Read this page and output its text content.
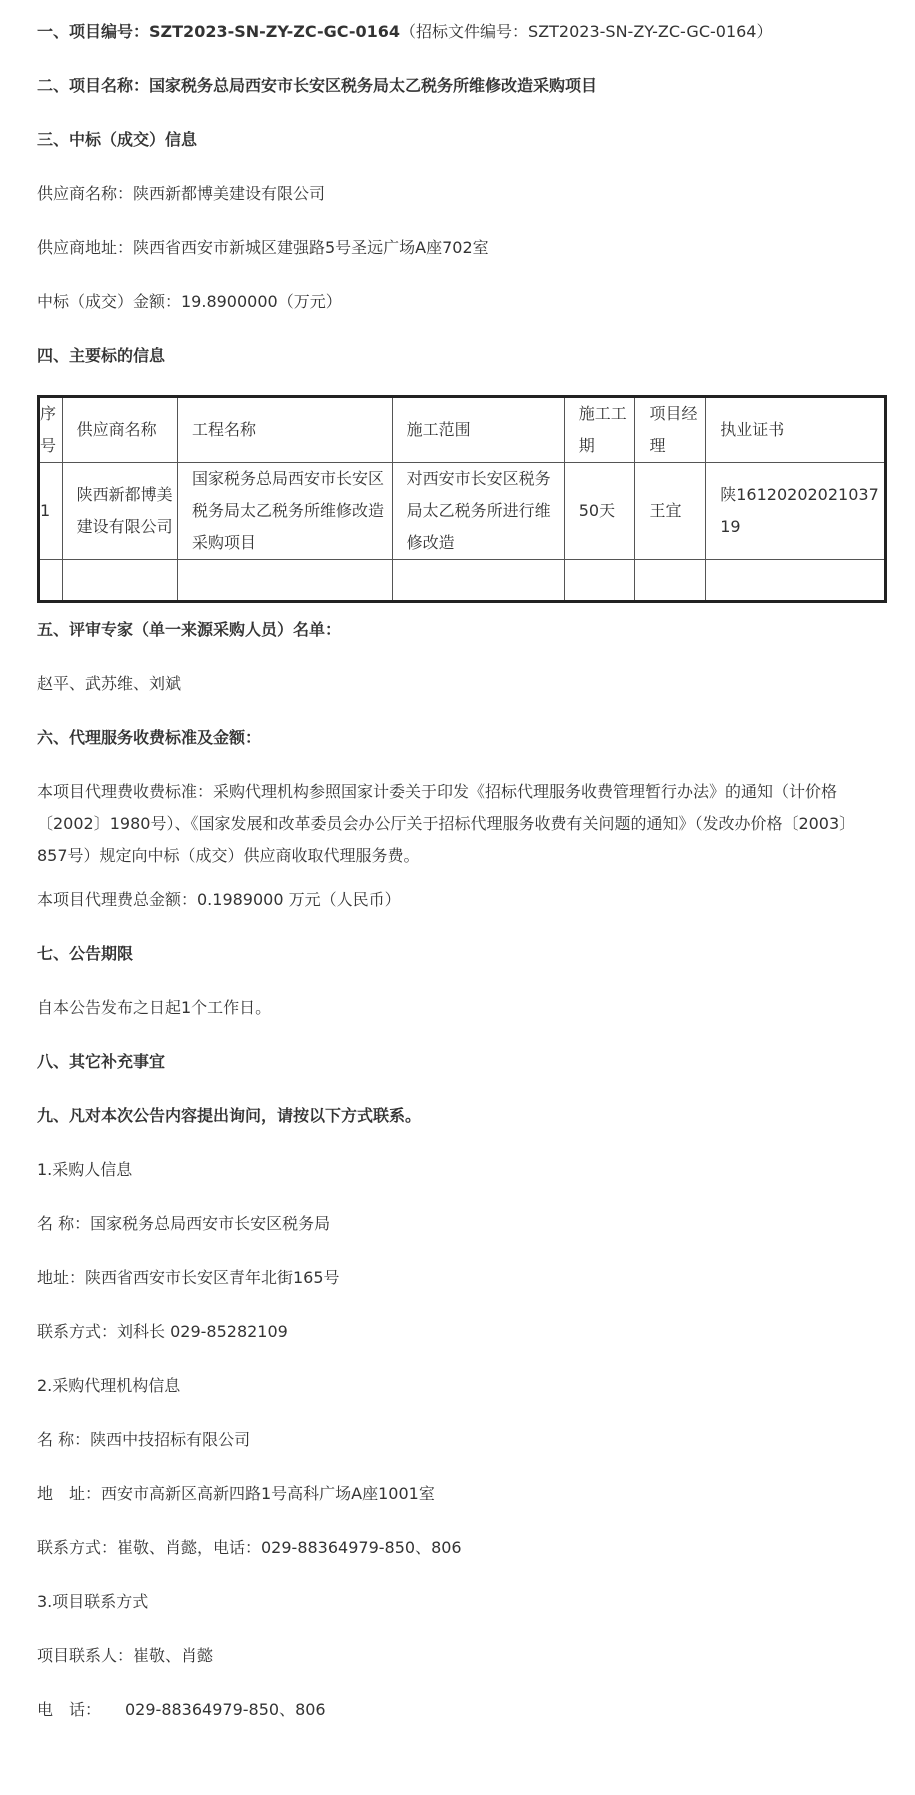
一、项目编号：SZT2023-SN-ZY-ZC-GC-0164（招标文件编号：SZT2023-SN-ZY-ZC-GC-0164）
二、项目名称：国家税务总局西安市长安区税务局太乙税务所维修改造采购项目
三、中标（成交）信息
供应商名称：陕西新都博美建设有限公司
供应商地址：陕西省西安市新城区建强路5号圣远广场A座702室
中标（成交）金额：19.8900000（万元）
四、主要标的信息
序号	供应商名称	工程名称	施工范围	施工工期	项目经理	执业证书
1	陕西新都博美建设有限公司	国家税务总局西安市长安区税务局太乙税务所维修改造采购项目	对西安市长安区税务局太乙税务所进行维修改造	50天	王宜	陕1612020202103719

五、评审专家（单一来源采购人员）名单：
赵平、武苏维、刘斌
六、代理服务收费标准及金额：
本项目代理费收费标准：采购代理机构参照国家计委关于印发《招标代理服务收费管理暂行办法》的通知（计价格〔2002〕1980号）、《国家发展和改革委员会办公厅关于招标代理服务收费有关问题的通知》（发改办价格〔2003〕857号）规定向中标（成交）供应商收取代理服务费。
本项目代理费总金额：0.1989000 万元（人民币）
七、公告期限
自本公告发布之日起1个工作日。
八、其它补充事宜
九、凡对本次公告内容提出询问，请按以下方式联系。
1.采购人信息
名 称：国家税务总局西安市长安区税务局
地址：陕西省西安市长安区青年北街165号
联系方式：刘科长 029-85282109
2.采购代理机构信息
名 称：陕西中技招标有限公司
地　址：西安市高新区高新四路1号高科广场A座1001室
联系方式：崔敬、肖懿，电话：029-88364979-850、806
3.项目联系方式
项目联系人：崔敬、肖懿
电　话：　　029-88364979-850、806
